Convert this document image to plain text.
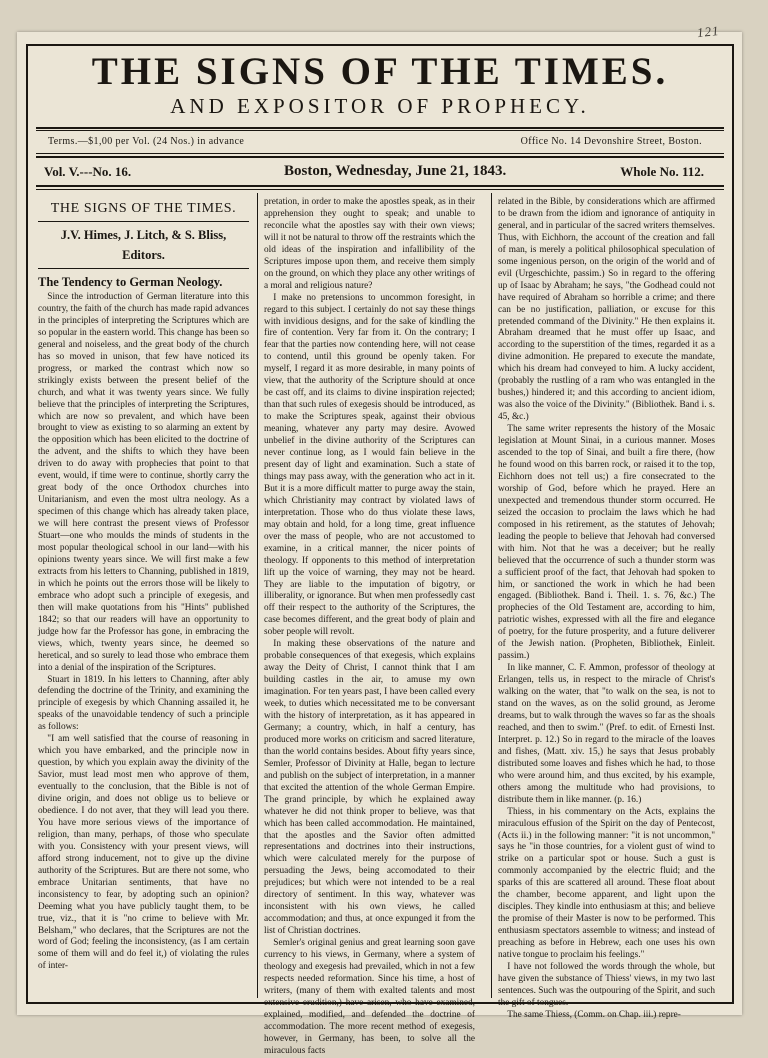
121
THE SIGNS OF THE TIMES.
AND EXPOSITOR OF PROPHECY.
Terms.—$1,00 per Vol. (24 Nos.) in advance	Office No. 14 Devonshire Street, Boston.
Vol. V.---No. 16.	Boston, Wednesday, June 21, 1843.	Whole No. 112.
THE SIGNS OF THE TIMES.
J.V. Himes, J. Litch, & S. Bliss, Editors.
The Tendency to German Neology.

Since the introduction of German literature into this country, the faith of the church has made rapid advances in the principles of interpreting the Scriptures which are so popular in the eastern world. This change has been so general and noiseless, and the great body of the church has so moved in unison, that few have noticed its progress, or marked the contrast which now so strikingly exists between the present belief of the church, and what it was twenty years since. We fully believe that the principles of interpreting the Scriptures, which are now so prevalent, and which have been brought to view as existing to so alarming an extent by the opposition which has been elicited to the doctrine of the advent, and the shifts to which they have been driven to do away with prophecies that point to that event, would, if time were to continue, shortly carry the great body of the once Orthodox churches into Unitarianism, and even the most ultra neology. As a specimen of this change which has already taken place, we will here contrast the present views of Professor Stuart—one who moulds the minds of students in the most popular theological school in our land—with his opinions twenty years since. We will first make a few extracts from his letters to Channing, published in 1819, in which he points out the errors those will be likely to embrace who adopt such a principle of exegesis, and then will make quotations from his "Hints" published 1842; so that our readers will have an opportunity to judge how far the Professor has gone, in embracing the views, which, twenty years since, he deemed so heretical, and so surely to lead those who embrace them into a denial of the inspiration of the Scriptures.

Stuart in 1819. In his letters to Channing, after ably defending the doctrine of the Trinity, and examining the principle of exegesis by which Channing assailed it, he speaks of the unavoidable tendency of such a principle as follows:

"I am well satisfied that the course of reasoning in which you have embarked, and the principle now in question, by which you explain away the divinity of the Savior, must lead most men who approve of them, eventually to the conclusion, that the Bible is not of divine origin, and does not oblige us to believe or obedience. I do not aver, that they will lead you there. You have more serious views of the importance of religion, than many, perhaps, of those who speculate with you. Consistency with your present views, will afford strong inducement, not to give up the divine authority of the Scriptures. But are there not some, who embrace Unitarian sentiments, that have no inconsistency to fear, by adopting such an opinion? Deeming what you have publicly taught them, to be true, viz., that it is "no crime to believe with Mr. Belsham," who declares, that the Scriptures are not the word of God; feeling the inconsistency, (as I am certain some of them will and do feel it,) of violating the rules of inter-

pretation, in order to make the apostles speak, as in their apprehension they ought to speak; and unable to reconcile what the apostles say with their own views; will it not be natural to throw off the restraints which the old ideas of the inspiration and infallibility of the Scriptures impose upon them, and receive them simply on the ground, on which they place any other writings of a moral and religious nature?

I make no pretensions to uncommon foresight, in regard to this subject. I certainly do not say these things with invidious designs, and for the sake of kindling the fire of contention. Very far from it. On the contrary; I fear that the parties now contending here, will not cease to contend, until this ground be openly taken. For myself, I regard it as more desirable, in many points of view, that the authority of the Scripture should at once be cast off, and its claims to divine inspiration rejected; than that such rules of exegesis should be introduced, as to make the Scriptures speak, against their obvious meaning, whatever any party may desire. Avowed unbelief in the divine authority of the Scriptures can never continue long, as I would fain believe in the present day of light and examination. Such a state of things may pass away, with the generation who act in it. But it is a more difficult matter to purge away the stain, which Christianity may contract by violated laws of interpretation. Those who do thus violate these laws, may obtain and hold, for a long time, great influence over the mass of people, who are not accustomed to examine, in a critical manner, the nicer points of theology. If opponents to this method of interpretation lift up the voice of warning, they may not be heard. They are liable to the imputation of bigotry, or illiberality, or ignorance. But when men professedly cast off their respect to the authority of the Scriptures, the case becomes different, and the great body of plain and sober people will revolt.

In making these observations of the nature and probable consequences of that exegesis, which explains away the Deity of Christ, I cannot think that I am building castles in the air, to amuse my own imagination. For ten years past, I have been called every week, to duties which necessitated me to be conversant with the history of interpretation, as it has appeared in Germany; a country, which, in half a century, has produced more works on criticism and sacred literature, than the world contains besides. About fifty years since, Semler, Professor of Divinity at Halle, began to lecture and publish on the subject of interpretation, in a manner that excited the attention of the whole German Empire. The grand principle, by which he explained away whatever he did not think proper to believe, was that which has been called accommodation. He maintained, that the apostles and the Savior often admitted representations and doctrines into their instructions, which were calculated merely for the purpose of persuading the Jews, being accomodated to their prejudices; but which were not intended to be a real directory of sentiment. In this way, whatever was inconsistent with his own views, he called accommodation; and thus, at once expunged it from the list of Christian doctrines.

Semler's original genius and great learning soon gave currency to his views, in Germany, where a system of theology and exegesis had prevailed, which in not a few respects needed reformation. Since his time, a host of writers, (many of them with exalted talents and most extensive erudition,) have arisen, who have examined, explained, modified, and defended the doctrine of accommodation. The more recent method of exegesis, however, in Germany, has been, to solve all the miraculous facts

related in the Bible, by considerations which are affirmed to be drawn from the idiom and ignorance of antiquity in general, and in particular of the sacred writers themselves. Thus, with Eichhorn, the account of the creation and fall of man, is merely a political philosophical speculation of some ingenious person, on the origin of the world and of evil (Urgeschichte, passim.) So in regard to the offering up of Isaac by Abraham; he says, "the Godhead could not have required of Abraham so horrible a crime; and there can be no justification, palliation, or excuse for this pretended command of the Divinity." He then explains it. Abraham dreamed that he must offer up Isaac, and according to the superstition of the times, regarded it as a divine admonition. He prepared to execute the mandate, which his dream had conveyed to him. A lucky accident, (probably the rustling of a ram who was entangled in the bushes,) hindered it; and this according to ancient idiom, was also the voice of the Divinity." (Bibliothek. Band i. s. 45, &c.)

The same writer represents the history of the Mosaic legislation at Mount Sinai, in a curious manner. Moses ascended to the top of Sinai, and built a fire there, (how he found wood on this barren rock, or raised it to the top, Eichhorn does not tell us;) a fire consecrated to the worship of God, before which he prayed. Here an unexpected and tremendous thunder storm occurred. He seized the occasion to proclaim the laws which he had composed in his retirement, as the statutes of Jehovah; leading the people to believe that Jehovah had conversed with him. Not that he was a deceiver; but he really believed that the occurrence of such a thunder storm was a sufficient proof of the fact, that Jehovah had spoken to him, or sanctioned the work in which he had been engaged. (Bibliothek. Band i. Theil. 1. s. 76, &c.) The prophecies of the Old Testament are, according to him, patriotic wishes, expressed with all the fire and elegance of poetry, for the future prosperity, and a future deliverer of the Jewish nation. (Propheten, Bibliothek, Einleit. passim.)

In like manner, C. F. Ammon, professor of theology at Erlangen, tells us, in respect to the miracle of Christ's walking on the water, that "to walk on the sea, is not to stand on the waves, as on the solid ground, as Jerome dreams, but to walk through the waves so far as the shoals reached, and then to swim." (Pref. to edit. of Ernesti Inst. Interpret. p. 12.) So in regard to the miracle of the loaves and fishes, (Matt. xiv. 15,) he says that Jesus probably distributed some loaves and fishes which he had, to those who were around him, and thus excited, by his example, others among the multitude who had provisions, to distribute them in like manner. (p. 16.)

Thiess, in his commentary on the Acts, explains the miraculous effusion of the Spirit on the day of Pentecost, (Acts ii.) in the following manner: "it is not uncommon," says he "in those countries, for a violent gust of wind to strike on a particular spot or house. Such a gust is commonly accompanied by the electric fluid; and the sparks of this are scattered all around. These float about the chamber, become apparent, and light upon the disciples. They kindle into enthusiasm at this; and believe the promise of their Master is now to be performed. This enthusiasm spectators assemble to witness; and instead of preaching as before in Hebrew, each one uses his own native tongue to proclaim his feelings."

I have not followed the words through the whole, but have given the substance of Thiess' views, in my two last sentences. Such was the outpouring of the Spirit, and such the gift of tongues.

The same Thiess, (Comm. on Chap. iii.) repre-
